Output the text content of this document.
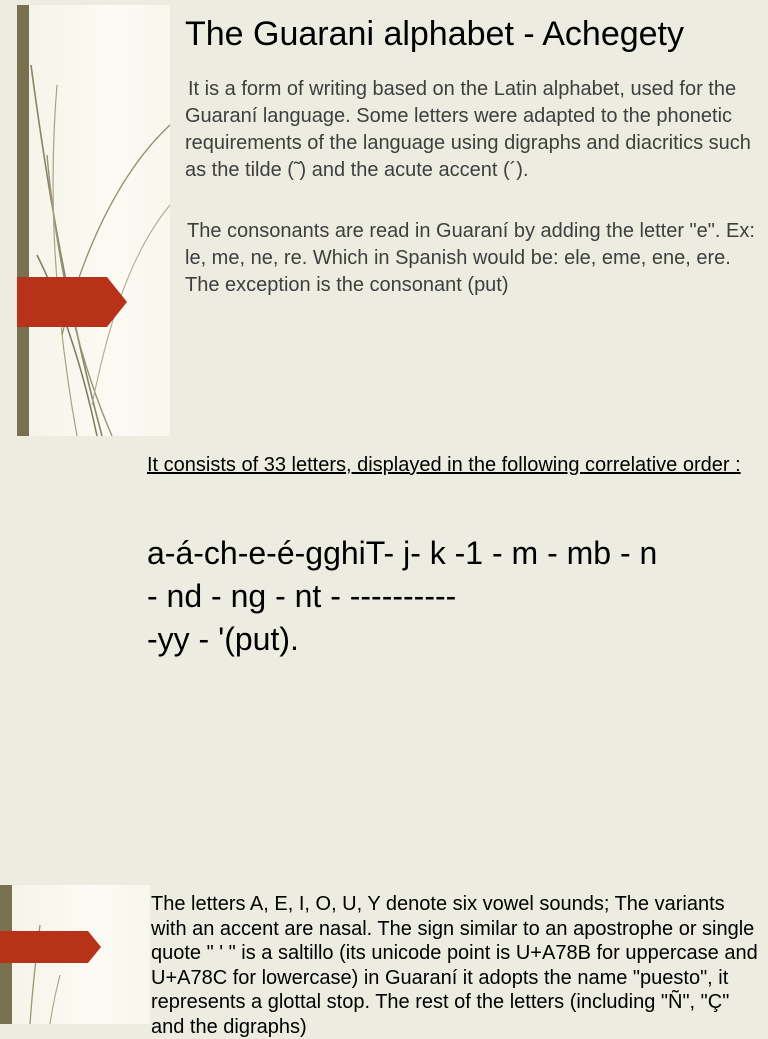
The Guarani alphabet - Achegety
It is a form of writing based on the Latin alphabet, used for the Guaraní language. Some letters were adapted to the phonetic requirements of the language using digraphs and diacritics such as the tilde (̃ ) and the acute accent (´).
The consonants are read in Guaraní by adding the letter "e". Ex: le, me, ne, re. Which in Spanish would be: ele, eme, ene, ere. The exception is the consonant (put)
It consists of 33 letters, displayed in the following correlative order :
a-á-ch-e-é-gghiT- j- k -1 - m - mb - n
- nd - ng - nt - ----------
-yy - '(put).
The letters A, E, I, O, U, Y denote six vowel sounds; The variants with an accent are nasal. The sign similar to an apostrophe or single quote " ' " is a saltillo (its unicode point is U+A78B for uppercase and U+A78C for lowercase) in Guaraní it adopts the name "puesto", it represents a glottal stop. The rest of the letters (including "Ñ", "Ç" and the digraphs)
